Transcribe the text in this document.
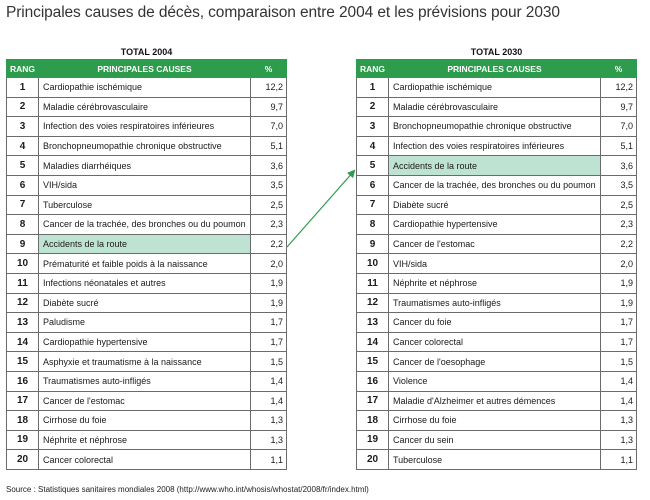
Principales causes de décès, comparaison entre 2004 et les prévisions pour 2030
TOTAL 2004
RANG	PRINCIPALES CAUSES	%
1	Cardiopathie ischémique	12,2
2	Maladie cérébrovasculaire	9,7
3	Infection des voies respiratoires inférieures	7,0
4	Bronchopneumopathie chronique obstructive	5,1
5	Maladies diarrhéiques	3,6
6	VIH/sida	3,5
7	Tuberculose	2,5
8	Cancer de la trachée, des bronches ou du poumon	2,3
9	Accidents de la route	2,2
10	Prématurité et faible poids à la naissance	2,0
11	Infections néonatales et autres	1,9
12	Diabète sucré	1,9
13	Paludisme	1,7
14	Cardiopathie hypertensive	1,7
15	Asphyxie et traumatisme à la naissance	1,5
16	Traumatismes auto-infligés	1,4
17	Cancer de l'estomac	1,4
18	Cirrhose du foie	1,3
19	Néphrite et néphrose	1,3
20	Cancer colorectal	1,1
TOTAL 2030
RANG	PRINCIPALES CAUSES	%
1	Cardiopathie ischémique	12,2
2	Maladie cérébrovasculaire	9,7
3	Bronchopneumopathie chronique obstructive	7,0
4	Infection des voies respiratoires inférieures	5,1
5	Accidents de la route	3,6
6	Cancer de la trachée, des bronches ou du poumon	3,5
7	Diabète sucré	2,5
8	Cardiopathie hypertensive	2,3
9	Cancer de l'estomac	2,2
10	VIH/sida	2,0
11	Néphrite et néphrose	1,9
12	Traumatismes auto-infligés	1,9
13	Cancer du foie	1,7
14	Cancer colorectal	1,7
15	Cancer de l'oesophage	1,5
16	Violence	1,4
17	Maladie d'Alzheimer et autres démences	1,4
18	Cirrhose du foie	1,3
19	Cancer du sein	1,3
20	Tuberculose	1,1
Source : Statistiques sanitaires mondiales 2008 (http://www.who.int/whosis/whostat/2008/fr/index.html)
